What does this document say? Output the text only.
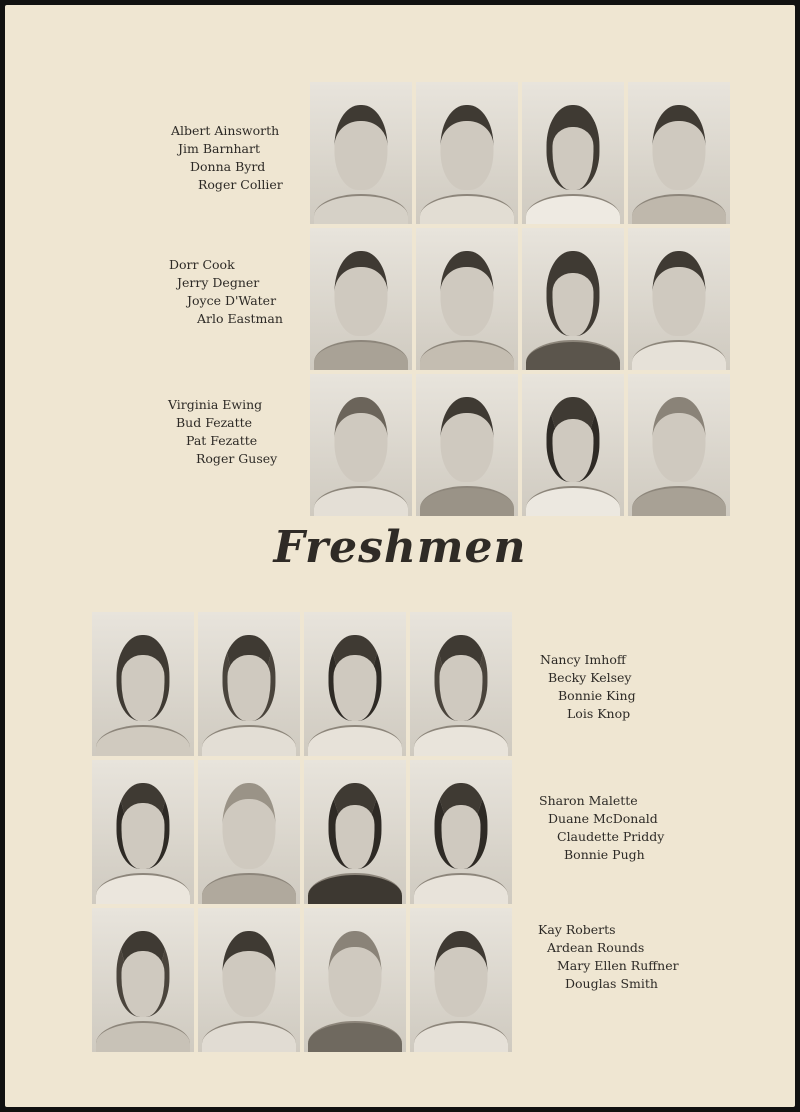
Albert Ainsworth
Jim Barnhart
Donna Byrd
Roger Collier
Dorr Cook
Jerry Degner
Joyce D'Water
Arlo Eastman
Virginia Ewing
Bud Fezatte
Pat Fezatte
Roger Gusey
Freshmen
Nancy Imhoff
Becky Kelsey
Bonnie King
Lois Knop
Sharon Malette
Duane McDonald
Claudette Priddy
Bonnie Pugh
Kay Roberts
Ardean Rounds
Mary Ellen Ruffner
Douglas Smith
